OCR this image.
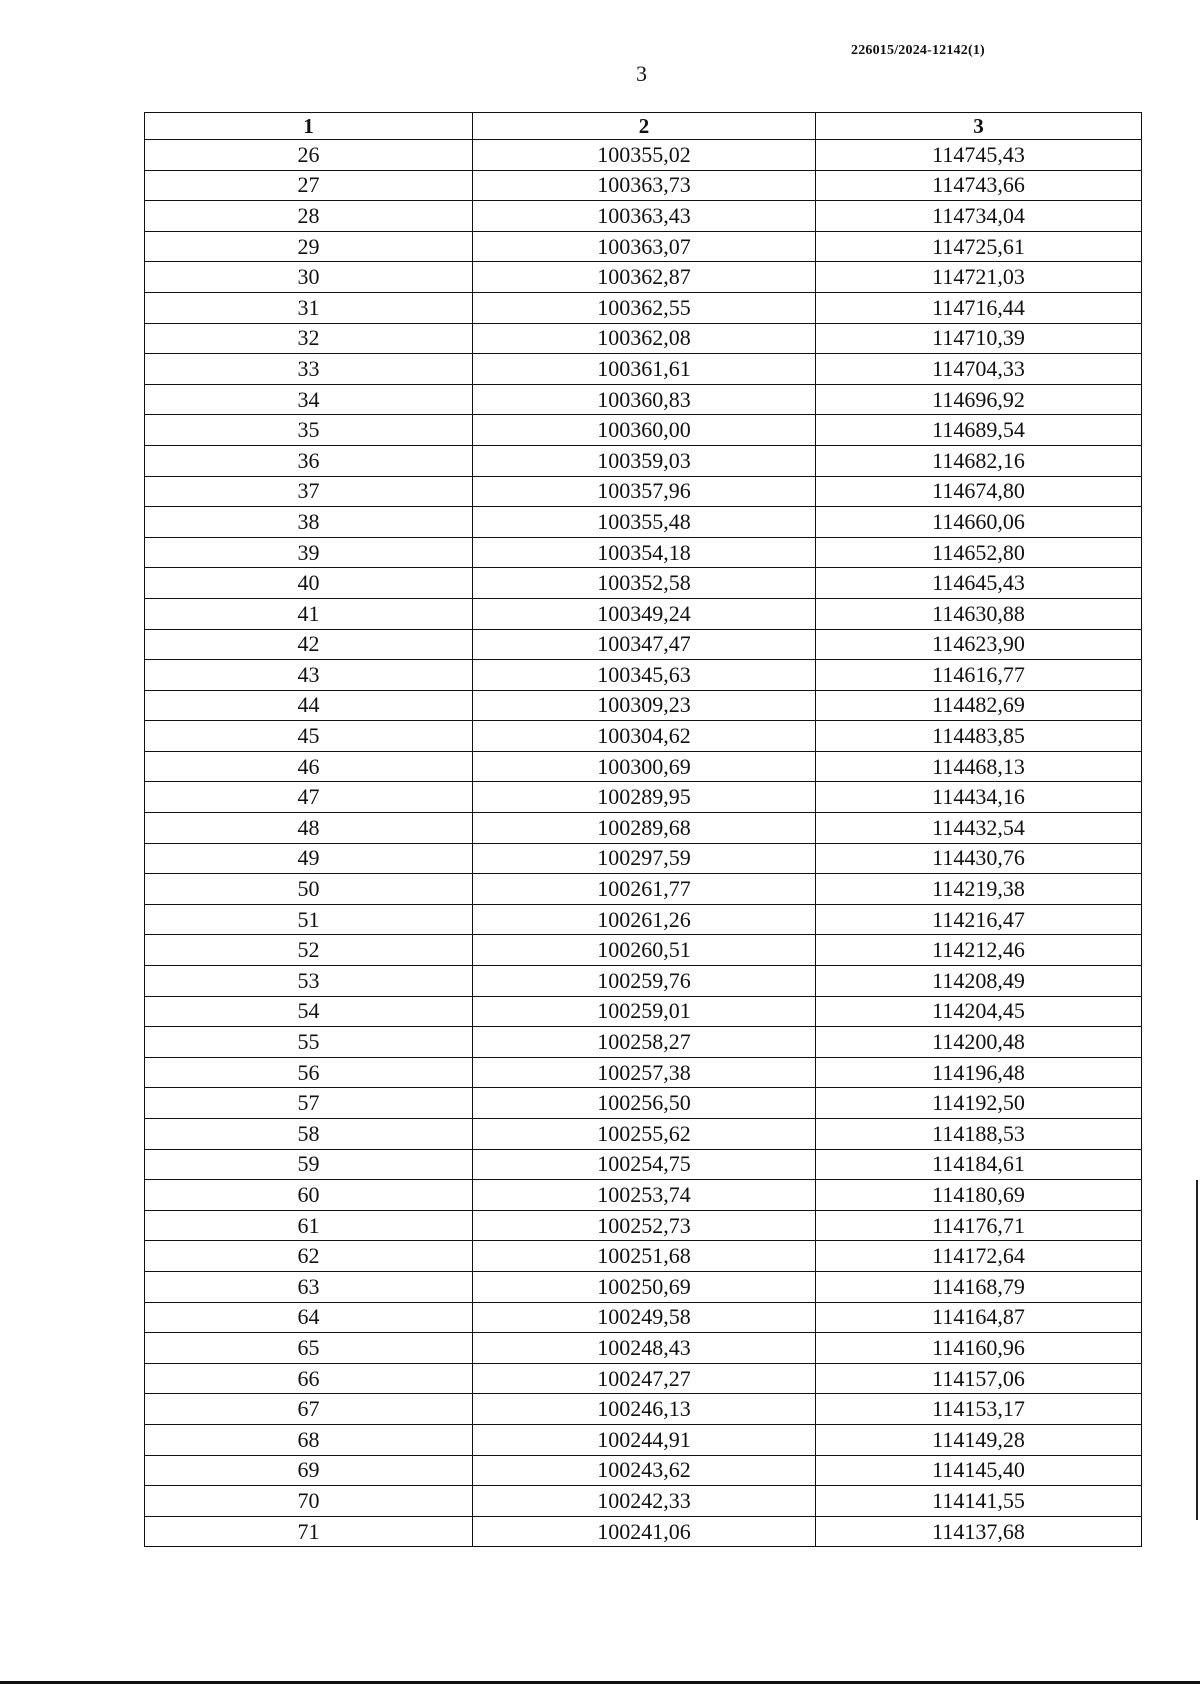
226015/2024-12142(1)
3
1	2	3
26	100355,02	114745,43
27	100363,73	114743,66
28	100363,43	114734,04
29	100363,07	114725,61
30	100362,87	114721,03
31	100362,55	114716,44
32	100362,08	114710,39
33	100361,61	114704,33
34	100360,83	114696,92
35	100360,00	114689,54
36	100359,03	114682,16
37	100357,96	114674,80
38	100355,48	114660,06
39	100354,18	114652,80
40	100352,58	114645,43
41	100349,24	114630,88
42	100347,47	114623,90
43	100345,63	114616,77
44	100309,23	114482,69
45	100304,62	114483,85
46	100300,69	114468,13
47	100289,95	114434,16
48	100289,68	114432,54
49	100297,59	114430,76
50	100261,77	114219,38
51	100261,26	114216,47
52	100260,51	114212,46
53	100259,76	114208,49
54	100259,01	114204,45
55	100258,27	114200,48
56	100257,38	114196,48
57	100256,50	114192,50
58	100255,62	114188,53
59	100254,75	114184,61
60	100253,74	114180,69
61	100252,73	114176,71
62	100251,68	114172,64
63	100250,69	114168,79
64	100249,58	114164,87
65	100248,43	114160,96
66	100247,27	114157,06
67	100246,13	114153,17
68	100244,91	114149,28
69	100243,62	114145,40
70	100242,33	114141,55
71	100241,06	114137,68
